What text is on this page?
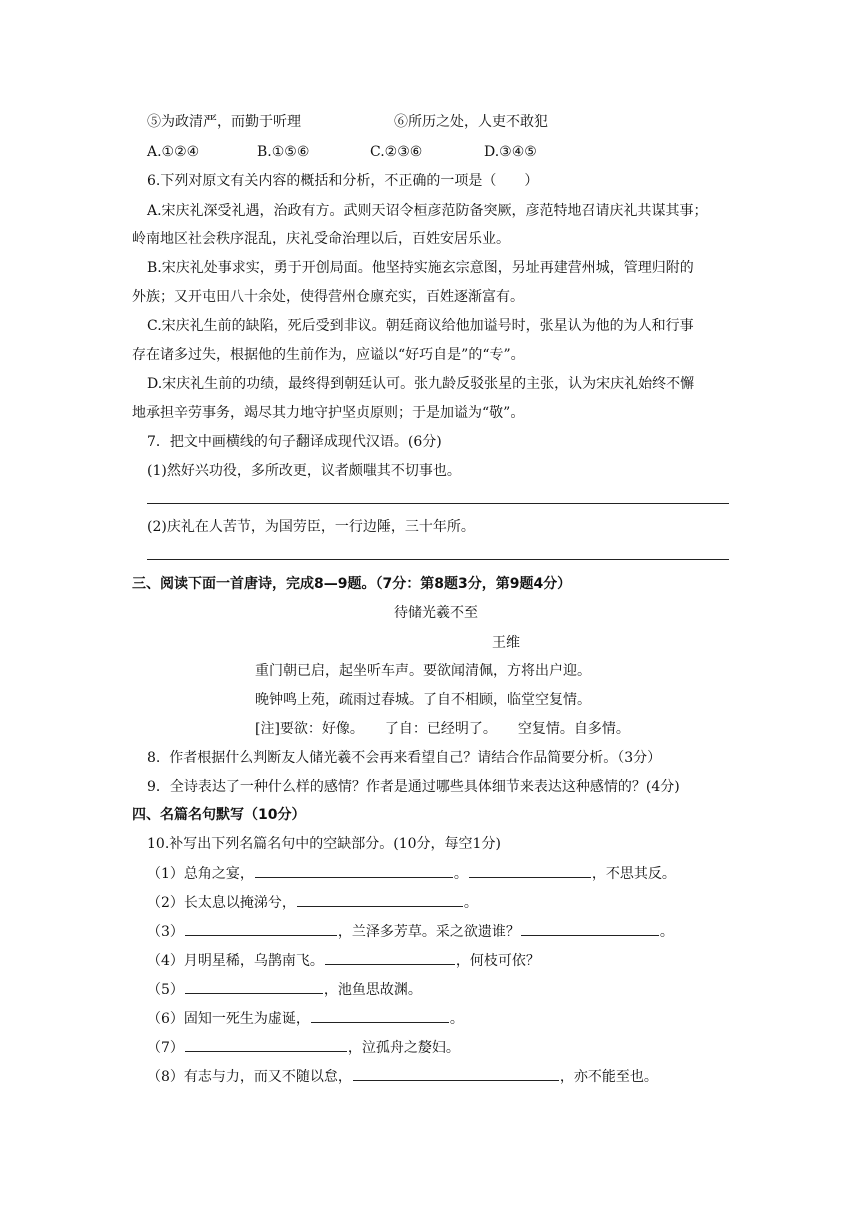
⑤为政清严，而勤于听理	⑥所历之处，人吏不敢犯
A.①②④	B.①⑤⑥	C.②③⑥	D.③④⑤
6.下列对原文有关内容的概括和分析，不正确的一项是（　　）
A.宋庆礼深受礼遇，治政有方。武则天诏令桓彦范防备突厥，彦范特地召请庆礼共谋其事；
岭南地区社会秩序混乱，庆礼受命治理以后，百姓安居乐业。
B.宋庆礼处事求实，勇于开创局面。他坚持实施玄宗意图，另址再建营州城，管理归附的
外族；又开屯田八十余处，使得营州仓廪充实，百姓逐渐富有。
C.宋庆礼生前的缺陷，死后受到非议。朝廷商议给他加谥号时，张星认为他的为人和行事
存在诸多过失，根据他的生前作为，应谥以“好巧自是”的“专”。
D.宋庆礼生前的功绩，最终得到朝廷认可。张九龄反驳张星的主张，认为宋庆礼始终不懈
地承担辛劳事务，竭尽其力地守护坚贞原则；于是加谥为“敬”。
7．把文中画横线的句子翻译成现代汉语。(6分)
(1)然好兴功役，多所改更，议者颇嗤其不切事也。
(2)庆礼在人苦节，为国劳臣，一行边陲，三十年所。
三、阅读下面一首唐诗，完成8—9题。（7分：第8题3分，第9题4分）
待储光羲不至
王维
重门朝已启，起坐听车声。要欲闻清佩，方将出户迎。
晚钟鸣上苑，疏雨过春城。了自不相顾，临堂空复情。
[注]要欲：好像。　　了自：已经明了。　　空复情。自多情。
8.  作者根据什么判断友人储光羲不会再来看望自己？请结合作品简要分析。（3分）
9．全诗表达了一种什么样的感情？作者是通过哪些具体细节来表达这种感情的？(4分)
四、名篇名句默写（10分）
10.补写出下列名篇名句中的空缺部分。(10分，每空1分)
（1）总角之宴，	。	，不思其反。
（2）长太息以掩涕兮，	。
（3）	，兰泽多芳草。采之欲遗谁？	。
（4）月明星稀，乌鹊南飞。	，何枝可依？
（5）	，池鱼思故渊。
（6）固知一死生为虚诞，	。
（7）	，泣孤舟之嫠妇。
（8）有志与力，而又不随以怠，	，亦不能至也。
